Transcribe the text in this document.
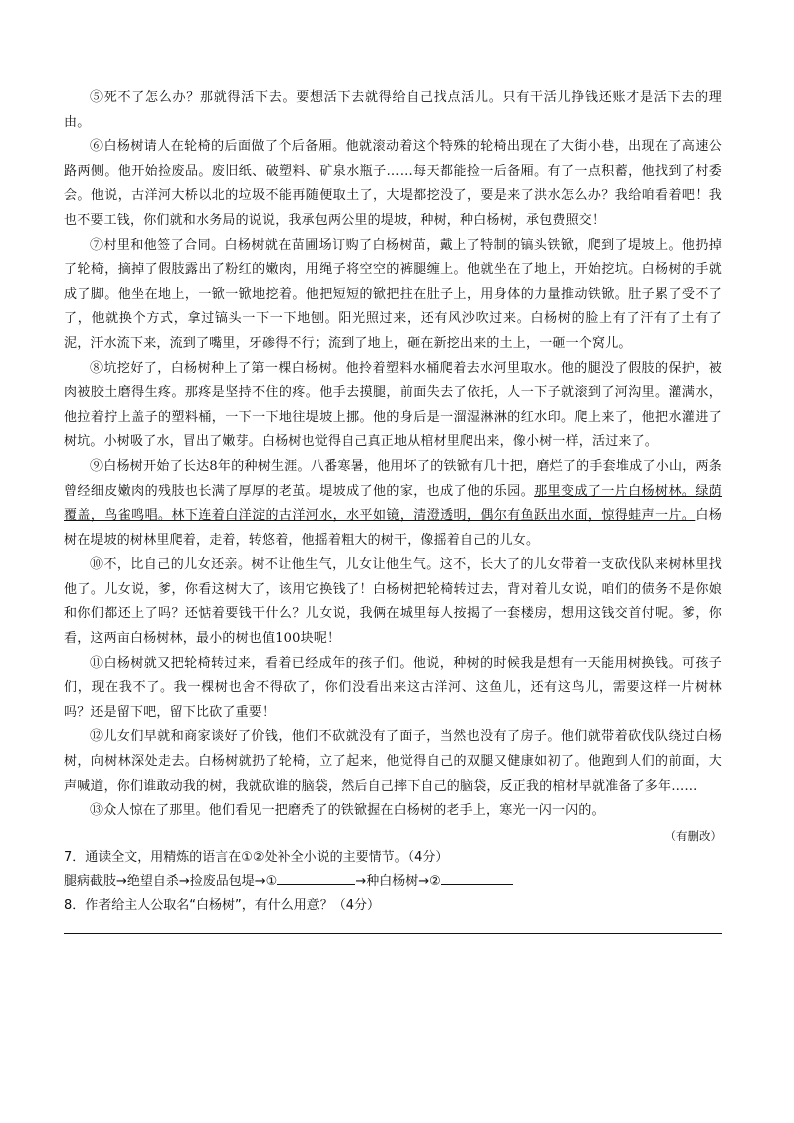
⑤死不了怎么办？那就得活下去。要想活下去就得给自己找点活儿。只有干活儿挣钱还账才是活下去的理由。

⑥白杨树请人在轮椅的后面做了个后备厢。他就滚动着这个特殊的轮椅出现在了大街小巷，出现在了高速公路两侧。他开始捡废品。废旧纸、破塑料、矿泉水瓶子……每天都能捡一后备厢。有了一点积蓄，他找到了村委会。他说，古洋河大桥以北的垃圾不能再随便取土了，大堤都挖没了，要是来了洪水怎么办？我给咱看着吧！我也不要工钱，你们就和水务局的说说，我承包两公里的堤坡，种树，种白杨树，承包费照交！

⑦村里和他签了合同。白杨树就在苗圃场订购了白杨树苗，戴上了特制的镐头铁锨，爬到了堤坡上。他扔掉了轮椅，摘掉了假肢露出了粉红的嫩肉，用绳子将空空的裤腿缠上。他就坐在了地上，开始挖坑。白杨树的手就成了脚。他坐在地上，一锨一锨地挖着。他把短短的锨把拄在肚子上，用身体的力量推动铁锨。肚子累了受不了了，他就换个方式，拿过镐头一下一下地刨。阳光照过来，还有风沙吹过来。白杨树的脸上有了汗有了土有了泥，汗水流下来，流到了嘴里，牙碜得不行；流到了地上，砸在新挖出来的土上，一砸一个窝儿。

⑧坑挖好了，白杨树种上了第一棵白杨树。他拎着塑料水桶爬着去水河里取水。他的腿没了假肢的保护，被肉被胶土磨得生疼。那疼是坚持不住的疼。他手去摸腿，前面失去了依托，人一下子就滚到了河沟里。灌满水，他拉着拧上盖子的塑料桶，一下一下地往堤坡上挪。他的身后是一溜湿淋淋的红水印。爬上来了，他把水灌进了树坑。小树吸了水，冒出了嫩芽。白杨树也觉得自己真正地从棺材里爬出来，像小树一样，活过来了。

⑨白杨树开始了长达8年的种树生涯。八番寒暑，他用坏了的铁锨有几十把，磨烂了的手套堆成了小山，两条曾经细皮嫩肉的残肢也长满了厚厚的老茧。堤坡成了他的家，也成了他的乐园。那里变成了一片白杨树林。绿荫覆盖，鸟雀鸣唱。林下连着白洋淀的古洋河水，水平如镜，清澄透明，偶尔有鱼跃出水面，惊得蛙声一片。白杨树在堤坡的树林里爬着，走着，转悠着，他摇着粗大的树干，像摇着自己的儿女。

⑩不，比自己的儿女还亲。树不让他生气，儿女让他生气。这不，长大了的儿女带着一支砍伐队来树林里找他了。儿女说，爹，你看这树大了，该用它换钱了！白杨树把轮椅转过去，背对着儿女说，咱们的债务不是你娘和你们都还上了吗？还惦着要钱干什么？儿女说，我俩在城里每人按揭了一套楼房，想用这钱交首付呢。爹，你看，这两亩白杨树林，最小的树也值100块呢！

⑪白杨树就又把轮椅转过来，看着已经成年的孩子们。他说，种树的时候我是想有一天能用树换钱。可孩子们，现在我不了。我一棵树也舍不得砍了，你们没看出来这古洋河、这鱼儿，还有这鸟儿，需要这样一片树林吗？还是留下吧，留下比砍了重要！

⑫儿女们早就和商家谈好了价钱，他们不砍就没有了面子，当然也没有了房子。他们就带着砍伐队绕过白杨树，向树林深处走去。白杨树就扔了轮椅，立了起来，他觉得自己的双腿又健康如初了。他跑到人们的前面，大声喊道，你们谁敢动我的树，我就砍谁的脑袋，然后自己摔下自己的脑袋，反正我的棺材早就准备了多年……

⑬众人惊在了那里。他们看见一把磨秃了的铁锨握在白杨树的老手上，寒光一闪一闪的。

（有删改）

7．通读全文，用精炼的语言在①②处补全小说的主要情节。（4分）

腿病截肢→绝望自杀→捡废品包堤→①	→种白杨树→②

8．作者给主人公取名“白杨树”，有什么用意？（4分）
